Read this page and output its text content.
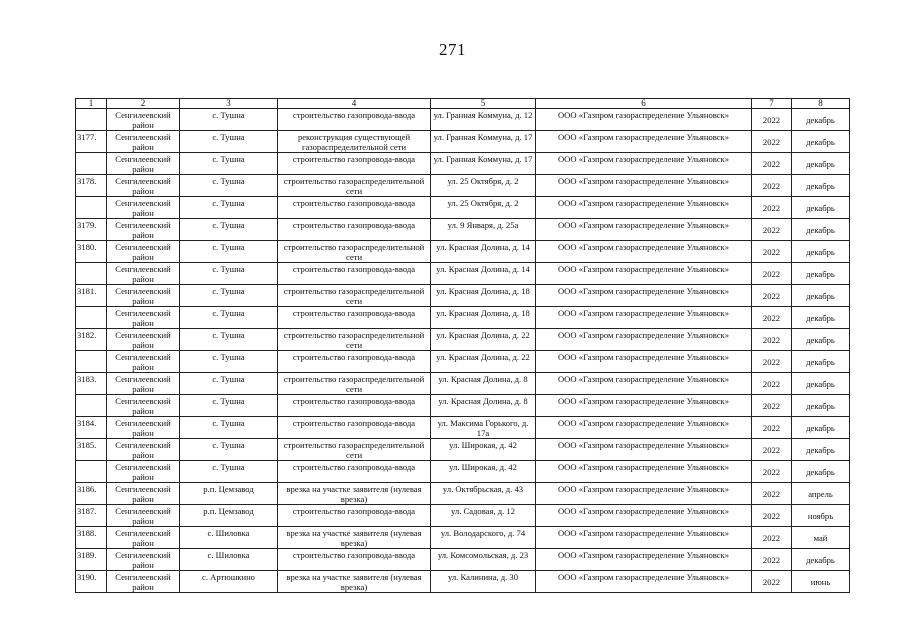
271
1	2	3	4	5	6	7	8
	Сенгилеевский район	с. Тушна	строительство газопровода-ввода	ул. Гранная Коммуна, д. 12	ООО «Газпром газораспределение Ульяновск»	2022	декабрь
3177.	Сенгилеевский район	с. Тушна	реконструкция существующей газораспределительной сети	ул. Гранная Коммуна, д. 17	ООО «Газпром газораспределение Ульяновск»	2022	декабрь
	Сенгилеевский район	с. Тушна	строительство газопровода-ввода	ул. Гранная Коммуна, д. 17	ООО «Газпром газораспределение Ульяновск»	2022	декабрь
3178.	Сенгилеевский район	с. Тушна	строительство газораспределительной сети	ул. 25 Октября, д. 2	ООО «Газпром газораспределение Ульяновск»	2022	декабрь
	Сенгилеевский район	с. Тушна	строительство газопровода-ввода	ул. 25 Октября, д. 2	ООО «Газпром газораспределение Ульяновск»	2022	декабрь
3179.	Сенгилеевский район	с. Тушна	строительство газопровода-ввода	ул. 9 Января, д. 25а	ООО «Газпром газораспределение Ульяновск»	2022	декабрь
3180.	Сенгилеевский район	с. Тушна	строительство газораспределительной сети	ул. Красная Долина, д. 14	ООО «Газпром газораспределение Ульяновск»	2022	декабрь
	Сенгилеевский район	с. Тушна	строительство газопровода-ввода	ул. Красная Долина, д. 14	ООО «Газпром газораспределение Ульяновск»	2022	декабрь
3181.	Сенгилеевский район	с. Тушна	строительство газораспределительной сети	ул. Красная Долина, д. 18	ООО «Газпром газораспределение Ульяновск»	2022	декабрь
	Сенгилеевский район	с. Тушна	строительство газопровода-ввода	ул. Красная Долина, д. 18	ООО «Газпром газораспределение Ульяновск»	2022	декабрь
3182.	Сенгилеевский район	с. Тушна	строительство газораспределительной сети	ул. Красная Долина, д. 22	ООО «Газпром газораспределение Ульяновск»	2022	декабрь
	Сенгилеевский район	с. Тушна	строительство газопровода-ввода	ул. Красная Долина, д. 22	ООО «Газпром газораспределение Ульяновск»	2022	декабрь
3183.	Сенгилеевский район	с. Тушна	строительство газораспределительной сети	ул. Красная Долина, д. 8	ООО «Газпром газораспределение Ульяновск»	2022	декабрь
	Сенгилеевский район	с. Тушна	строительство газопровода-ввода	ул. Красная Долина, д. 8	ООО «Газпром газораспределение Ульяновск»	2022	декабрь
3184.	Сенгилеевский район	с. Тушна	строительство газопровода-ввода	ул. Максима Горького, д. 17а	ООО «Газпром газораспределение Ульяновск»	2022	декабрь
3185.	Сенгилеевский район	с. Тушна	строительство газораспределительной сети	ул. Широкая, д. 42	ООО «Газпром газораспределение Ульяновск»	2022	декабрь
	Сенгилеевский район	с. Тушна	строительство газопровода-ввода	ул. Широкая, д. 42	ООО «Газпром газораспределение Ульяновск»	2022	декабрь
3186.	Сенгилеевский район	р.п. Цемзавод	врезка на участке заявителя (нулевая врезка)	ул. Октябрьская, д. 43	ООО «Газпром газораспределение Ульяновск»	2022	апрель
3187.	Сенгилеевский район	р.п. Цемзавод	строительство газопровода-ввода	ул. Садовая, д. 12	ООО «Газпром газораспределение Ульяновск»	2022	ноябрь
3188.	Сенгилеевский район	с. Шиловка	врезка на участке заявителя (нулевая врезка)	ул. Володарского, д. 74	ООО «Газпром газораспределение Ульяновск»	2022	май
3189.	Сенгилеевский район	с. Шиловка	строительство газопровода-ввода	ул. Комсомольская, д. 23	ООО «Газпром газораспределение Ульяновск»	2022	декабрь
3190.	Сенгилеевский район	с. Артюшкино	врезка на участке заявителя (нулевая врезка)	ул. Калинина, д. 30	ООО «Газпром газораспределение Ульяновск»	2022	июнь
